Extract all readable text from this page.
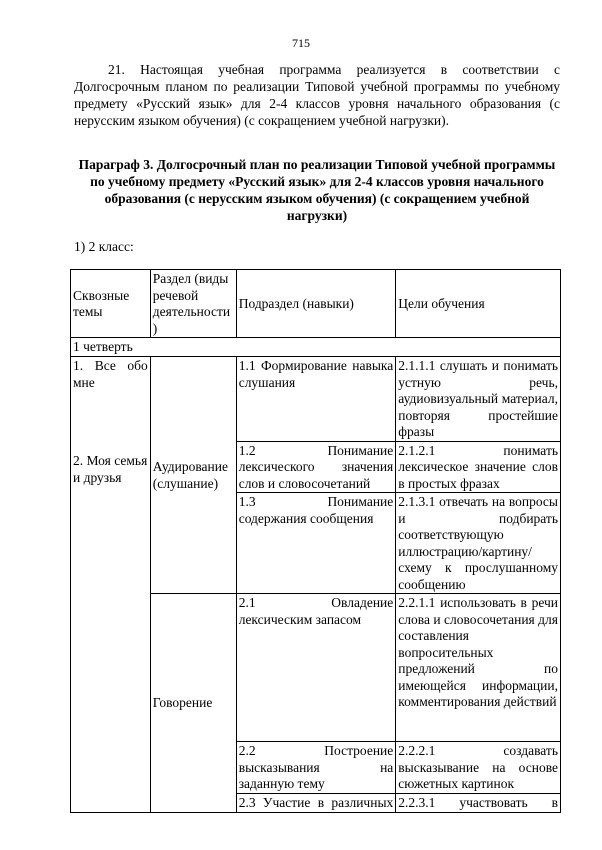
715

21. Настоящая учебная программа реализуется в соответствии с Долгосрочным планом по реализации Типовой учебной программы по учебному предмету «Русский язык» для 2-4 классов уровня начального образования (с нерусским языком обучения) (с сокращением учебной нагрузки).

Параграф 3. Долгосрочный план по реализации Типовой учебной программы по учебному предмету «Русский язык» для 2-4 классов уровня начального образования (с нерусским языком обучения) (с сокращением учебной нагрузки)

1) 2 класс:
Сквозные темы	Раздел (виды речевой деятельности)	Подраздел (навыки)	Цели обучения
1 четверть			

1. Все обо мне
2. Моя семья и друзья	Аудирование (слушание)	1.1 Формирование навыка слушания	2.1.1.1 слушать и понимать устную речь, аудиовизуальный материал, повторяя простейшие фразы
		1.2 Понимание лексического значения слов и словосочетаний	2.1.2.1 понимать лексическое значение слов в простых фразах
		1.3 Понимание содержания сообщения	2.1.3.1 отвечать на вопросы и подбирать соответствующую иллюстрацию/картину/ схему к прослушанному сообщению
	Говорение	2.1 Овладение лексическим запасом	2.2.1.1 использовать в речи слова и словосочетания для составления вопросительных предложений по имеющейся информации, комментирования действий
		2.2 Построение высказывания на заданную тему	2.2.2.1 создавать высказывание на основе сюжетных картинок
		2.3 Участие в различных	2.2.3.1 участвовать в
